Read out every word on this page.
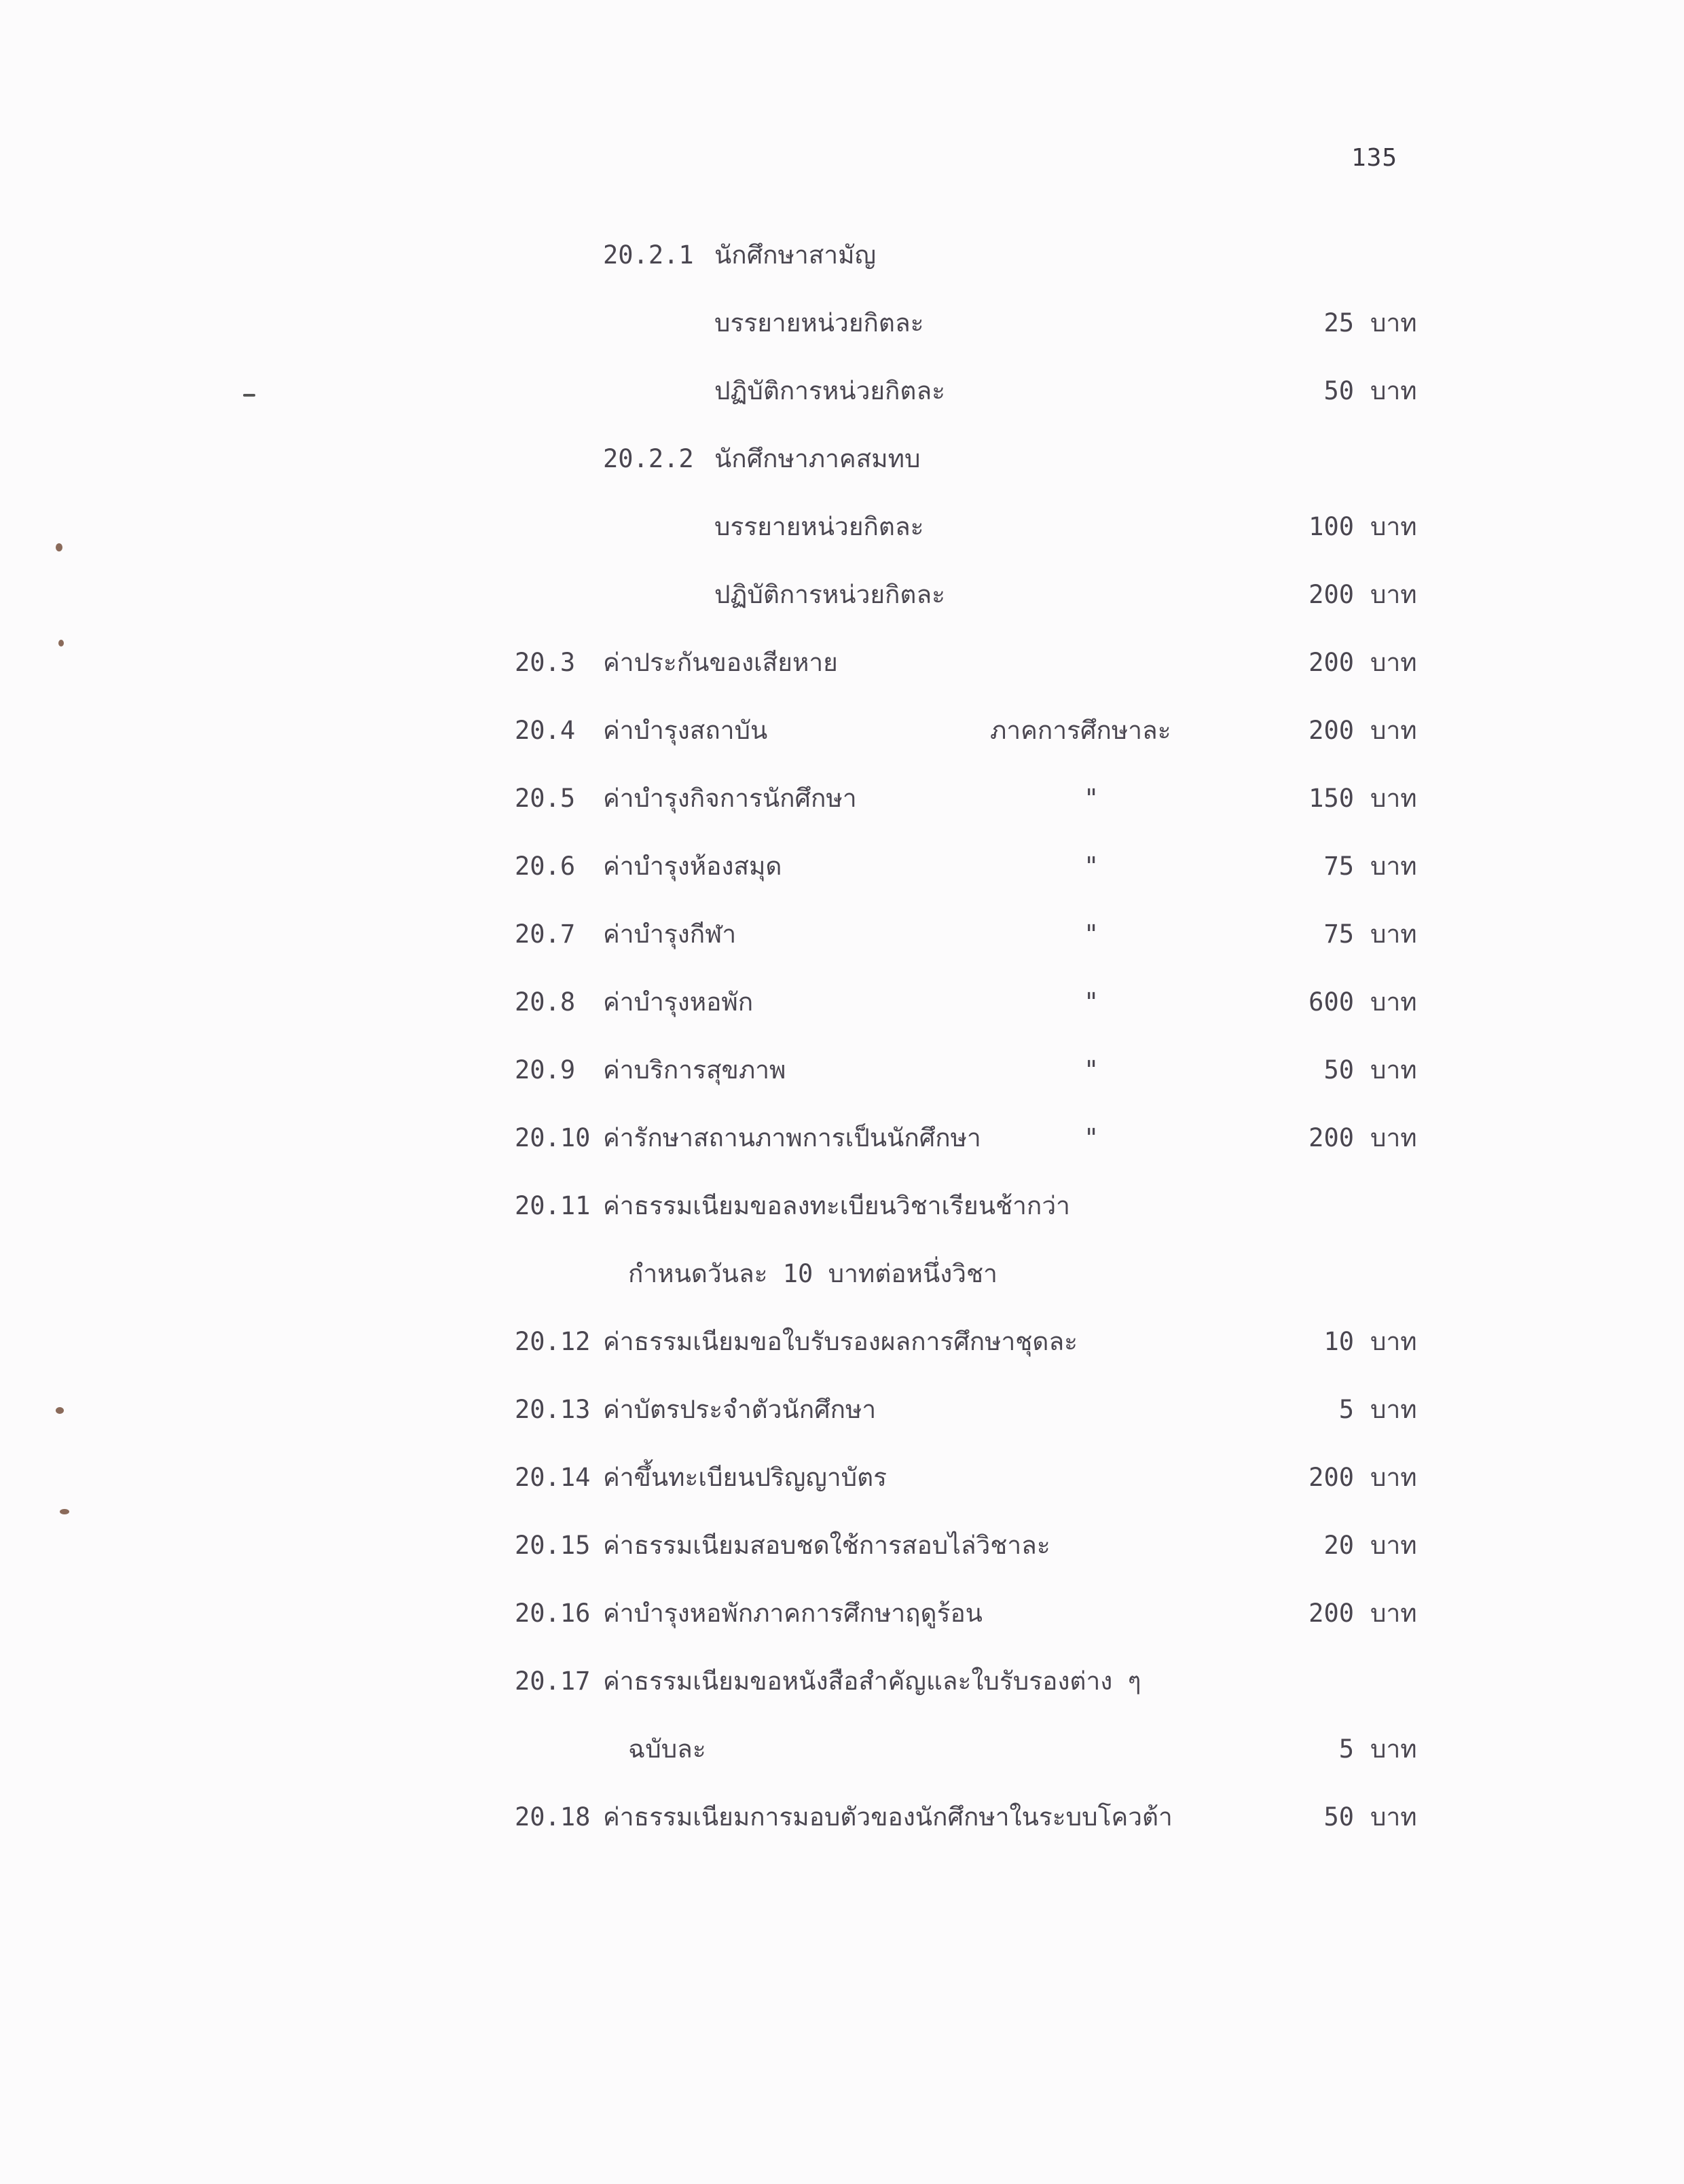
135
20.2.1 นักศึกษาสามัญ
บรรยายหน่วยกิตละ	25 บาท
ปฏิบัติการหน่วยกิตละ	50 บาท
20.2.2 นักศึกษาภาคสมทบ
บรรยายหน่วยกิตละ	100 บาท
ปฏิบัติการหน่วยกิตละ	200 บาท
20.3 ค่าประกันของเสียหาย	200 บาท
20.4 ค่าบำรุงสถาบัน	ภาคการศึกษาละ	200 บาท
20.5 ค่าบำรุงกิจการนักศึกษา	"	150 บาท
20.6 ค่าบำรุงห้องสมุด	"	75 บาท
20.7 ค่าบำรุงกีฬา	"	75 บาท
20.8 ค่าบำรุงหอพัก	"	600 บาท
20.9 ค่าบริการสุขภาพ	"	50 บาท
20.10 ค่ารักษาสถานภาพการเป็นนักศึกษา	"	200 บาท
20.11 ค่าธรรมเนียมขอลงทะเบียนวิชาเรียนช้ากว่า
กำหนดวันละ 10 บาทต่อหนึ่งวิชา
20.12 ค่าธรรมเนียมขอใบรับรองผลการศึกษาชุดละ	10 บาท
20.13 ค่าบัตรประจำตัวนักศึกษา	5 บาท
20.14 ค่าขึ้นทะเบียนปริญญาบัตร	200 บาท
20.15 ค่าธรรมเนียมสอบชดใช้การสอบไล่วิชาละ	20 บาท
20.16 ค่าบำรุงหอพักภาคการศึกษาฤดูร้อน	200 บาท
20.17 ค่าธรรมเนียมขอหนังสือสำคัญและใบรับรองต่าง ๆ
ฉบับละ	5 บาท
20.18 ค่าธรรมเนียมการมอบตัวของนักศึกษาในระบบโควต้า	50 บาท
